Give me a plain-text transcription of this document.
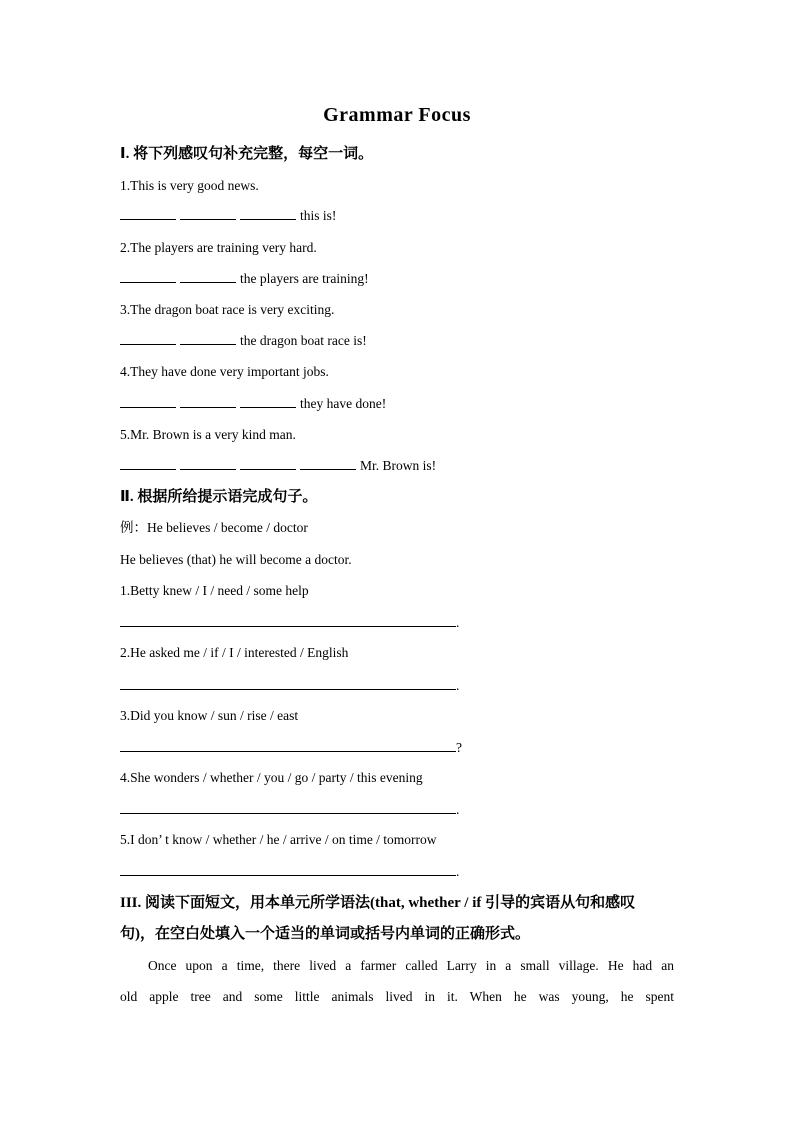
Grammar Focus
Ⅰ. 将下列感叹句补充完整，每空一词。
1.This is very good news.
this is!
2.The players are training very hard.
the players are training!
3.The dragon boat race is very exciting.
the dragon boat race is!
4.They have done very important jobs.
they have done!
5.Mr. Brown is a very kind man.
Mr. Brown is!
Ⅱ. 根据所给提示语完成句子。
例：He believes / become / doctor
He believes (that) he will become a doctor.
1.Betty knew / I / need / some help
.
2.He asked me / if / I / interested / English
.
3.Did you know / sun / rise / east
?
4.She wonders / whether / you / go / party / this evening
.
5.I don’ t know / whether / he / arrive / on time / tomorrow
.
III. 阅读下面短文，用本单元所学语法(that, whether / if 引导的宾语从句和感叹
句)，在空白处填入一个适当的单词或括号内单词的正确形式。
Once upon a time, there lived a farmer called Larry in a small village. He had an
old apple tree and some little animals lived in it. When he was young, he spent
